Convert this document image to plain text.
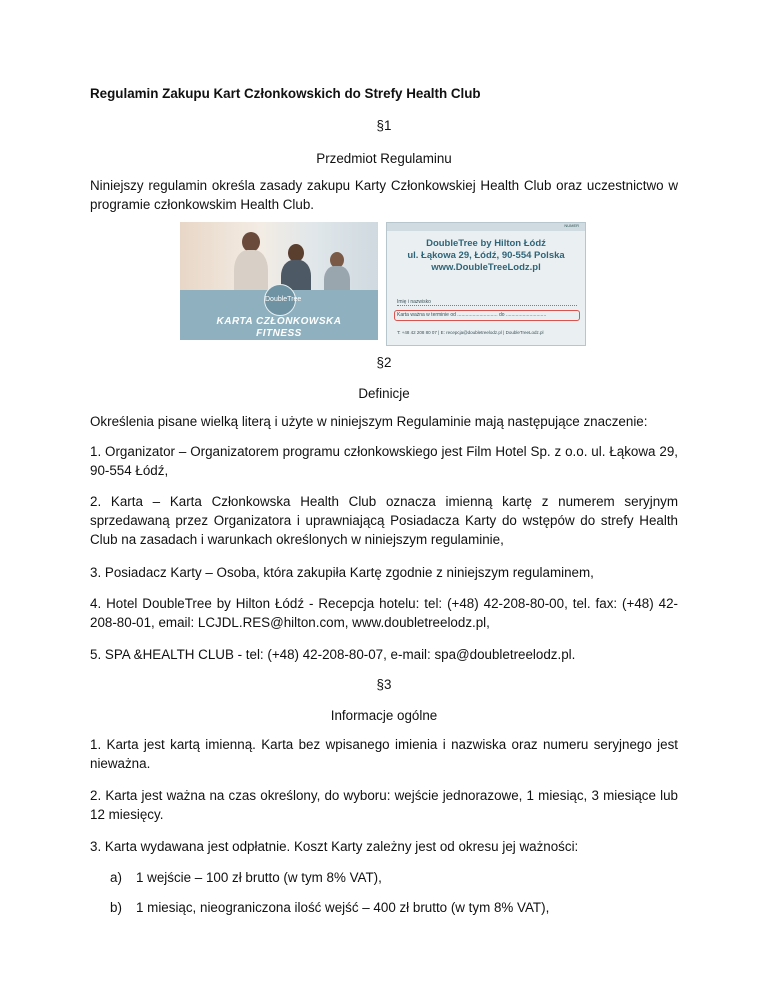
Regulamin Zakupu Kart Członkowskich do Strefy Health Club

§1

Przedmiot Regulaminu

Niniejszy regulamin określa zasady zakupu Karty Członkowskiej Health Club oraz uczestnictwo w programie członkowskim Health Club.

DoubleTree
KARTA CZŁONKOWSKA
FITNESS
NUMER
DoubleTree by Hilton Łódź
ul. Łąkowa 29, Łódź, 90-554 Polska
www.DoubleTreeLodz.pl
Imię i nazwisko
Karta ważna w terminie od ............................. do .............................
T: +48 42 208 80 07 | E: recepcja@doubletreelodz.pl | DoubleTreeLodz.pl

§2

Definicje

Określenia pisane wielką literą i użyte w niniejszym Regulaminie mają następujące znaczenie:

1. Organizator – Organizatorem programu członkowskiego jest Film Hotel Sp. z o.o. ul. Łąkowa 29, 90-554 Łódź,

2. Karta – Karta Członkowska Health Club oznacza imienną kartę z numerem seryjnym sprzedawaną przez Organizatora i uprawniającą Posiadacza Karty do wstępów do strefy Health Club na zasadach i warunkach określonych w niniejszym regulaminie,

3. Posiadacz Karty – Osoba, która zakupiła Kartę zgodnie z niniejszym regulaminem,

4. Hotel DoubleTree by Hilton Łódź - Recepcja hotelu: tel: (+48) 42-208-80-00, tel. fax: (+48) 42-208-80-01, email: LCJDL.RES@hilton.com, www.doubletreelodz.pl,

5. SPA &HEALTH CLUB - tel: (+48) 42-208-80-07, e-mail: spa@doubletreelodz.pl.

§3

Informacje ogólne

1. Karta jest kartą imienną. Karta bez wpisanego imienia i nazwiska oraz numeru seryjnego jest nieważna.

2. Karta jest ważna na czas określony, do wyboru: wejście jednorazowe, 1 miesiąc, 3 miesiące lub 12 miesięcy.

3. Karta wydawana jest odpłatnie. Koszt Karty zależny jest od okresu jej ważności:

a) 1 wejście – 100 zł brutto (w tym 8% VAT),

b) 1 miesiąc, nieograniczona ilość wejść – 400 zł brutto (w tym 8% VAT),
